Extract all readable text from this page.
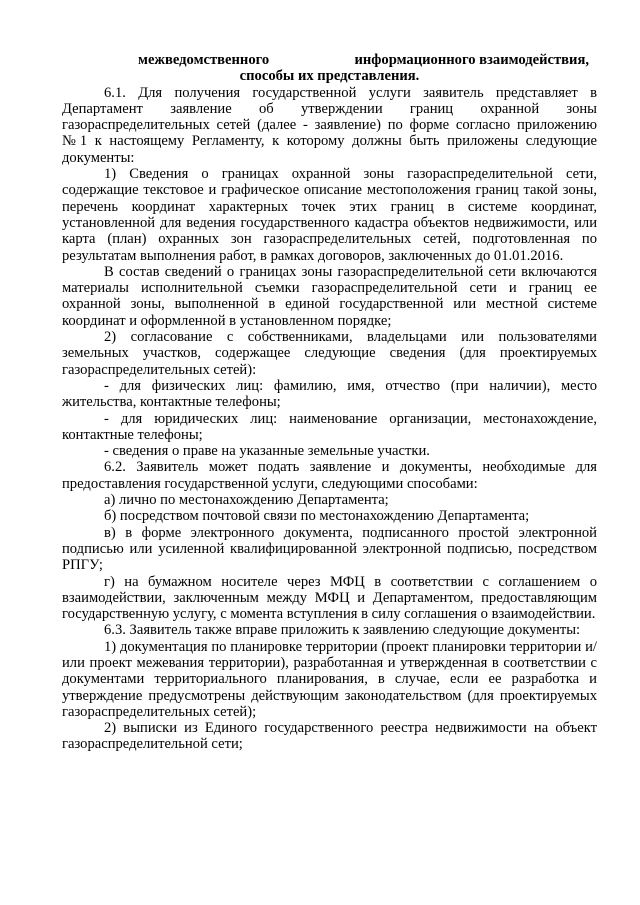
межведомственного	информационного взаимодействия,
способы их представления.

6.1. Для получения государственной услуги заявитель представляет в Департамент заявление об утверждении границ охранной зоны газораспределительных сетей (далее - заявление) по форме согласно приложению №1 к настоящему Регламенту, к которому должны быть приложены следующие документы:

1) Сведения о границах охранной зоны газораспределительной сети, содержащие текстовое и графическое описание местоположения границ такой зоны, перечень координат характерных точек этих границ в системе координат, установленной для ведения государственного кадастра объектов недвижимости, или карта (план) охранных зон газораспределительных сетей, подготовленная по результатам выполнения работ, в рамках договоров, заключенных до 01.01.2016.

В состав сведений о границах зоны газораспределительной сети включаются материалы исполнительной съемки газораспределительной сети и границ ее охранной зоны, выполненной в единой государственной или местной системе координат и оформленной в установленном порядке;

2) согласование с собственниками, владельцами или пользователями земельных участков, содержащее следующие сведения (для проектируемых газораспределительных сетей):

- для физических лиц: фамилию, имя, отчество (при наличии), место жительства, контактные телефоны;

- для юридических лиц: наименование организации, местонахождение, контактные телефоны;

- сведения о праве на указанные земельные участки.

6.2. Заявитель может подать заявление и документы, необходимые для предоставления государственной услуги, следующими способами:

а) лично по местонахождению Департамента;

б) посредством почтовой связи по местонахождению Департамента;

в) в форме электронного документа, подписанного простой электронной подписью или усиленной квалифицированной электронной подписью, посредством РПГУ;

г) на бумажном носителе через МФЦ в соответствии с соглашением о взаимодействии, заключенным между МФЦ и Департаментом, предоставляющим государственную услугу, с момента вступления в силу соглашения о взаимодействии.

6.3. Заявитель также вправе приложить к заявлению следующие документы:

1) документация по планировке территории (проект планировки территории и/или проект межевания территории), разработанная и утвержденная в соответствии с документами территориального планирования, в случае, если ее разработка и утверждение предусмотрены действующим законодательством (для проектируемых газораспределительных сетей);

2) выписки из Единого государственного реестра недвижимости на объект газораспределительной сети;
